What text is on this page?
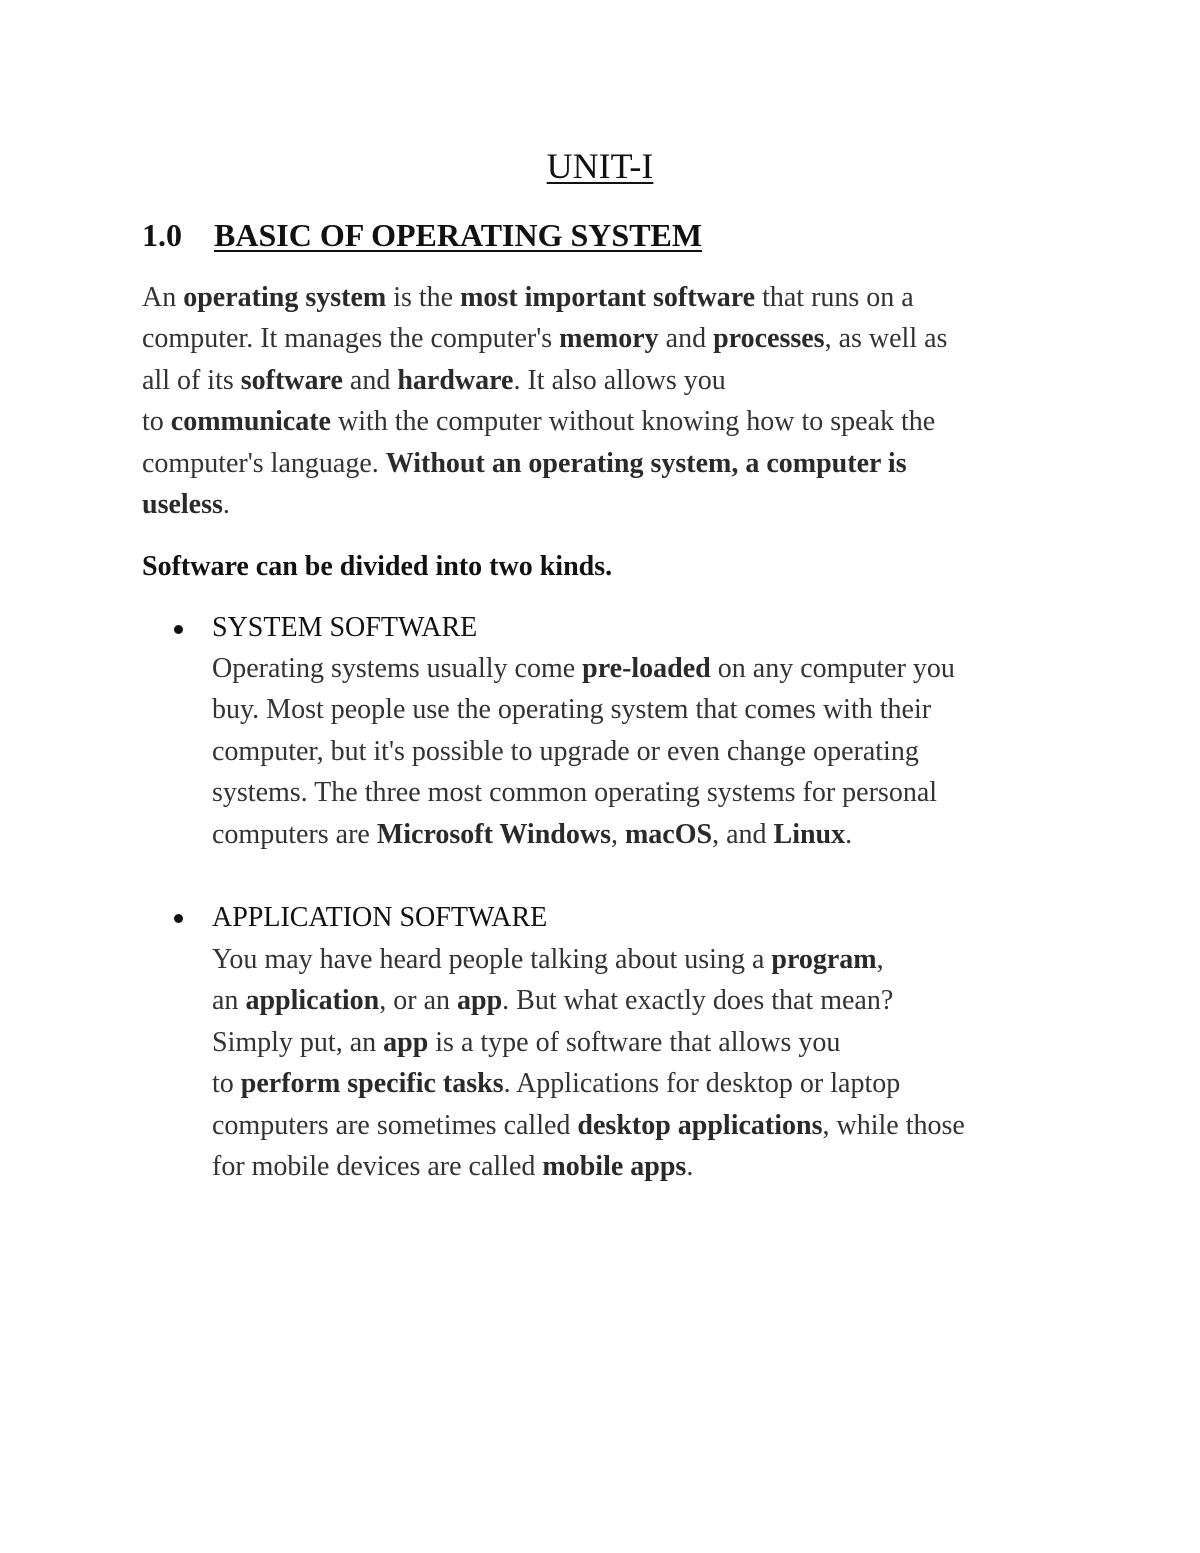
UNIT-I
1.0 BASIC OF OPERATING SYSTEM

An operating system is the most important software that runs on a
computer. It manages the computer's memory and processes, as well as
all of its software and hardware. It also allows you
to communicate with the computer without knowing how to speak the
computer's language. Without an operating system, a computer is
useless.

Software can be divided into two kinds.

SYSTEM SOFTWARE

Operating systems usually come pre-loaded on any computer you
buy. Most people use the operating system that comes with their
computer, but it's possible to upgrade or even change operating
systems. The three most common operating systems for personal
computers are Microsoft Windows, macOS, and Linux.

APPLICATION SOFTWARE

You may have heard people talking about using a program,
an application, or an app. But what exactly does that mean?
Simply put, an app is a type of software that allows you
to perform specific tasks. Applications for desktop or laptop
computers are sometimes called desktop applications, while those
for mobile devices are called mobile apps.
